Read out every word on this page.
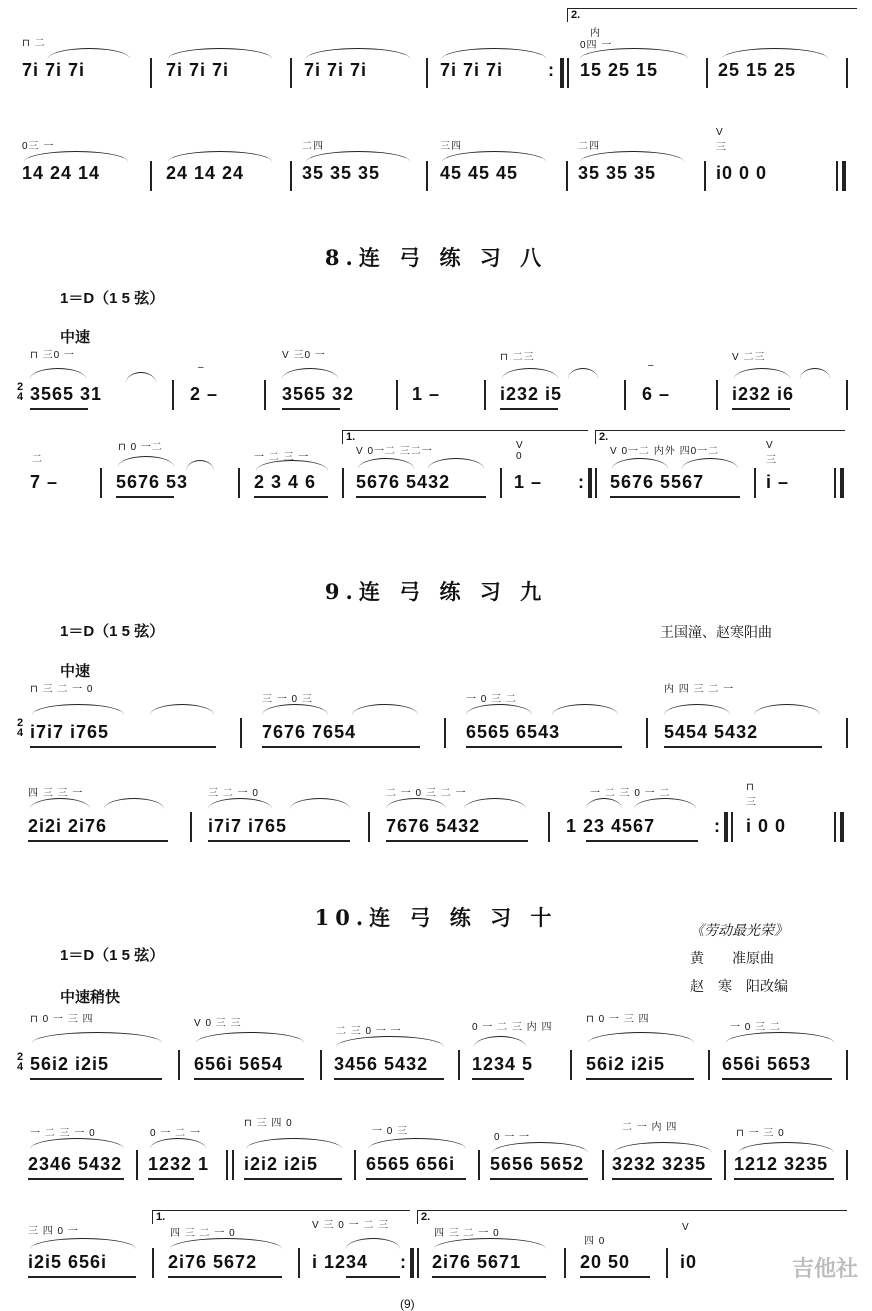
⊓ 二
7i 7i 7i	7i 7i 7i	7i 7i 7i	7i 7i 7i :
2.
内
0四 一
15 25 15	25 15 25
0三 一
14 24 14	24 14 24
二四
35 35 35
三四
45 45 45
二四
35 35 35
V 三
i0 0 0
8.连 弓 练 习 八
1＝D（1 5 弦）
中速
2
4
⊓ 三0 一
3565 31
–
2 –
V 三0 一
3565 32	1 –
⊓ 二三
i232 i5
–
6 –
V 二三
i232 i6
二
7 –
⊓ 0 一二
5676 53
一 二 三 一
2 3 4 6
1.
V 0一二 三二一
5676 5432
V 0
1 – :
2.
V 0一二 内外 四0一二
5676 5567
V 三
i –
9.连 弓 练 习 九
1＝D（1 5 弦）	王国潼、赵寒阳曲
中速
2
4
⊓ 三 二 一 0
i7i7 i765
三 一 0 三
7676 7654
一 0 三 二
6565 6543
内 四 三 二 一
5454 5432
四 三 三 一
2i2i 2i76
三 二 一 0
i7i7 i765
二 一 0 三 二 一
7676 5432
一 二 三 0 一 二
1 23 4567	:
⊓ 三
i 0 0
10.连 弓 练 习 十	《劳动最光荣》
1＝D（1 5 弦）	黄　　准原曲
赵　寒　阳改编
中速稍快
2
4
⊓ 0 一 三 四
56i2 i2i5
V 0 三 三
656i 5654
二 三 0 一 一
3456 5432
0 一 二 三 内 四
1234 5
⊓ 0 一 三 四
56i2 i2i5
一 0 三 二
656i 5653
一 二 三 一 0
2346 5432
0 一 二 一
1232 1
⊓ 三 四 0
i2i2 i2i5
一 0 三
6565 656i
0 一 一
5656 5652
二 一 内 四
3232 3235
⊓ 一 三 0
1212 3235
三 四 0 一
i2i5 656i
1.
四 三 二 一 0
2i76 5672
V 三 0 一 二 三
i 1234 :
2.
四 三 二 一 0
2i76 5671
四 0
20 50
V
i0	吉他社
(9)
